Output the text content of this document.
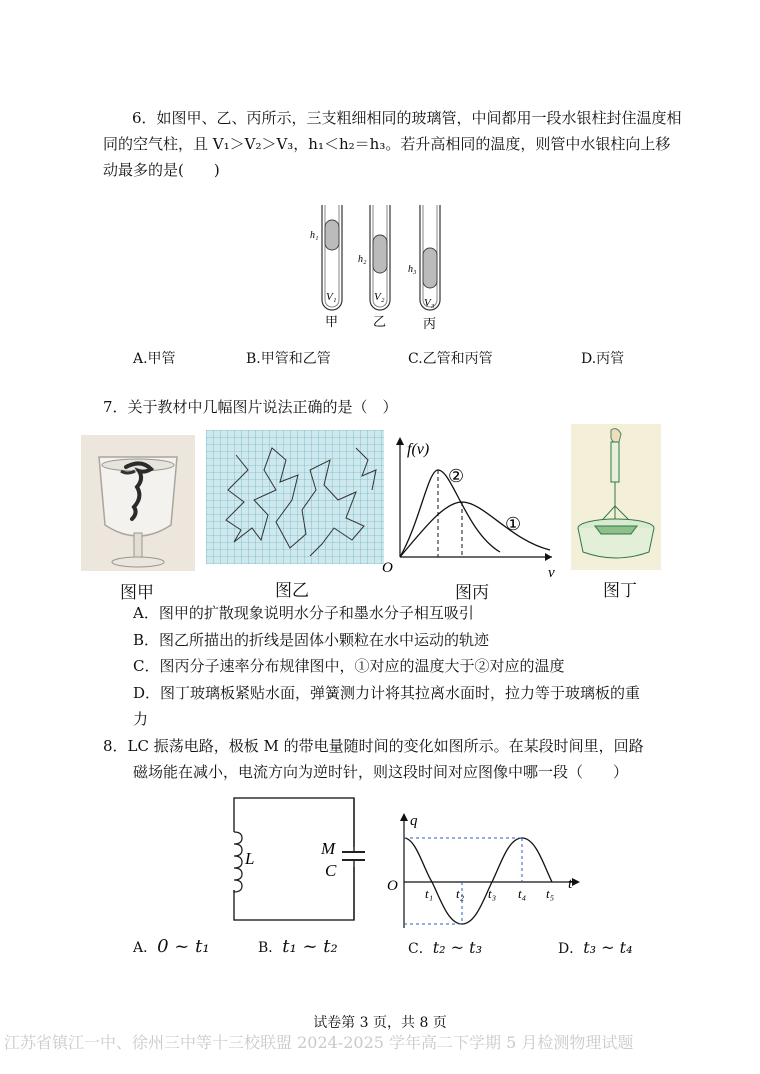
6．如图甲、乙、丙所示，三支粗细相同的玻璃管，中间都用一段水银柱封住温度相
同的空气柱，且 V₁＞V₂＞V₃，h₁＜h₂＝h₃。若升高相同的温度，则管中水银柱向上移
动最多的是(　　)
h₁
h₂
h₃
V₁	V₂	V₃
甲	乙	丙
A.甲管	B.甲管和乙管	C.乙管和丙管	D.丙管
7．关于教材中几幅图片说法正确的是（　）
f(v)
O	v
②
①
图甲	图乙	图丙	图丁
A．图甲的扩散现象说明水分子和墨水分子相互吸引
B．图乙所描出的折线是固体小颗粒在水中运动的轨迹
C．图丙分子速率分布规律图中，①对应的温度大于②对应的温度
D．图丁玻璃板紧贴水面，弹簧测力计将其拉离水面时，拉力等于玻璃板的重
力
8．LC 振荡电路，极板 M 的带电量随时间的变化如图所示。在某段时间里，回路
磁场能在减小，电流方向为逆时针，则这段时间对应图像中哪一段（　　）
L
M
C
q
O	t
t₁ t₂ t₃ t₄ t₅
A．0 ~ t₁	B．t₁ ~ t₂	C．t₂ ~ t₃	D．t₃ ~ t₄
试卷第 3 页，共 8 页
江苏省镇江一中、徐州三中等十三校联盟 2024-2025 学年高二下学期 5 月检测物理试题
